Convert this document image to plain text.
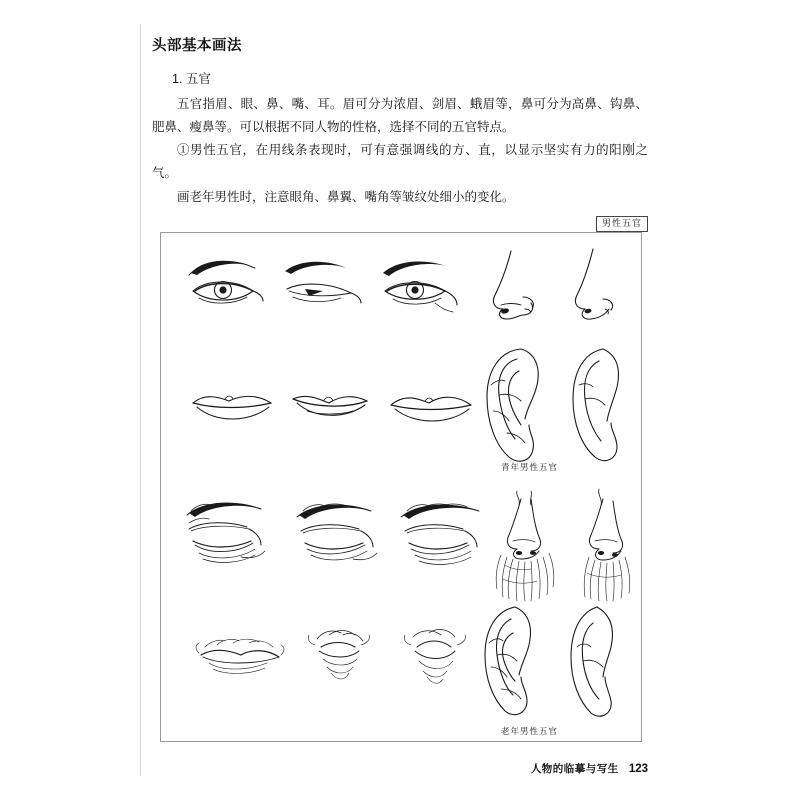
头部基本画法
1. 五官

五官指眉、眼、鼻、嘴、耳。眉可分为浓眉、剑眉、蛾眉等，鼻可分为高鼻、钩鼻、肥鼻、瘦鼻等。可以根据不同人物的性格，选择不同的五官特点。

①男性五官，在用线条表现时，可有意强调线的方、直，以显示坚实有力的阳刚之气。

画老年男性时，注意眼角、鼻翼、嘴角等皱纹处细小的变化。

男性五官
青年男性五官
老年男性五官
人物的临摹与写生 123
